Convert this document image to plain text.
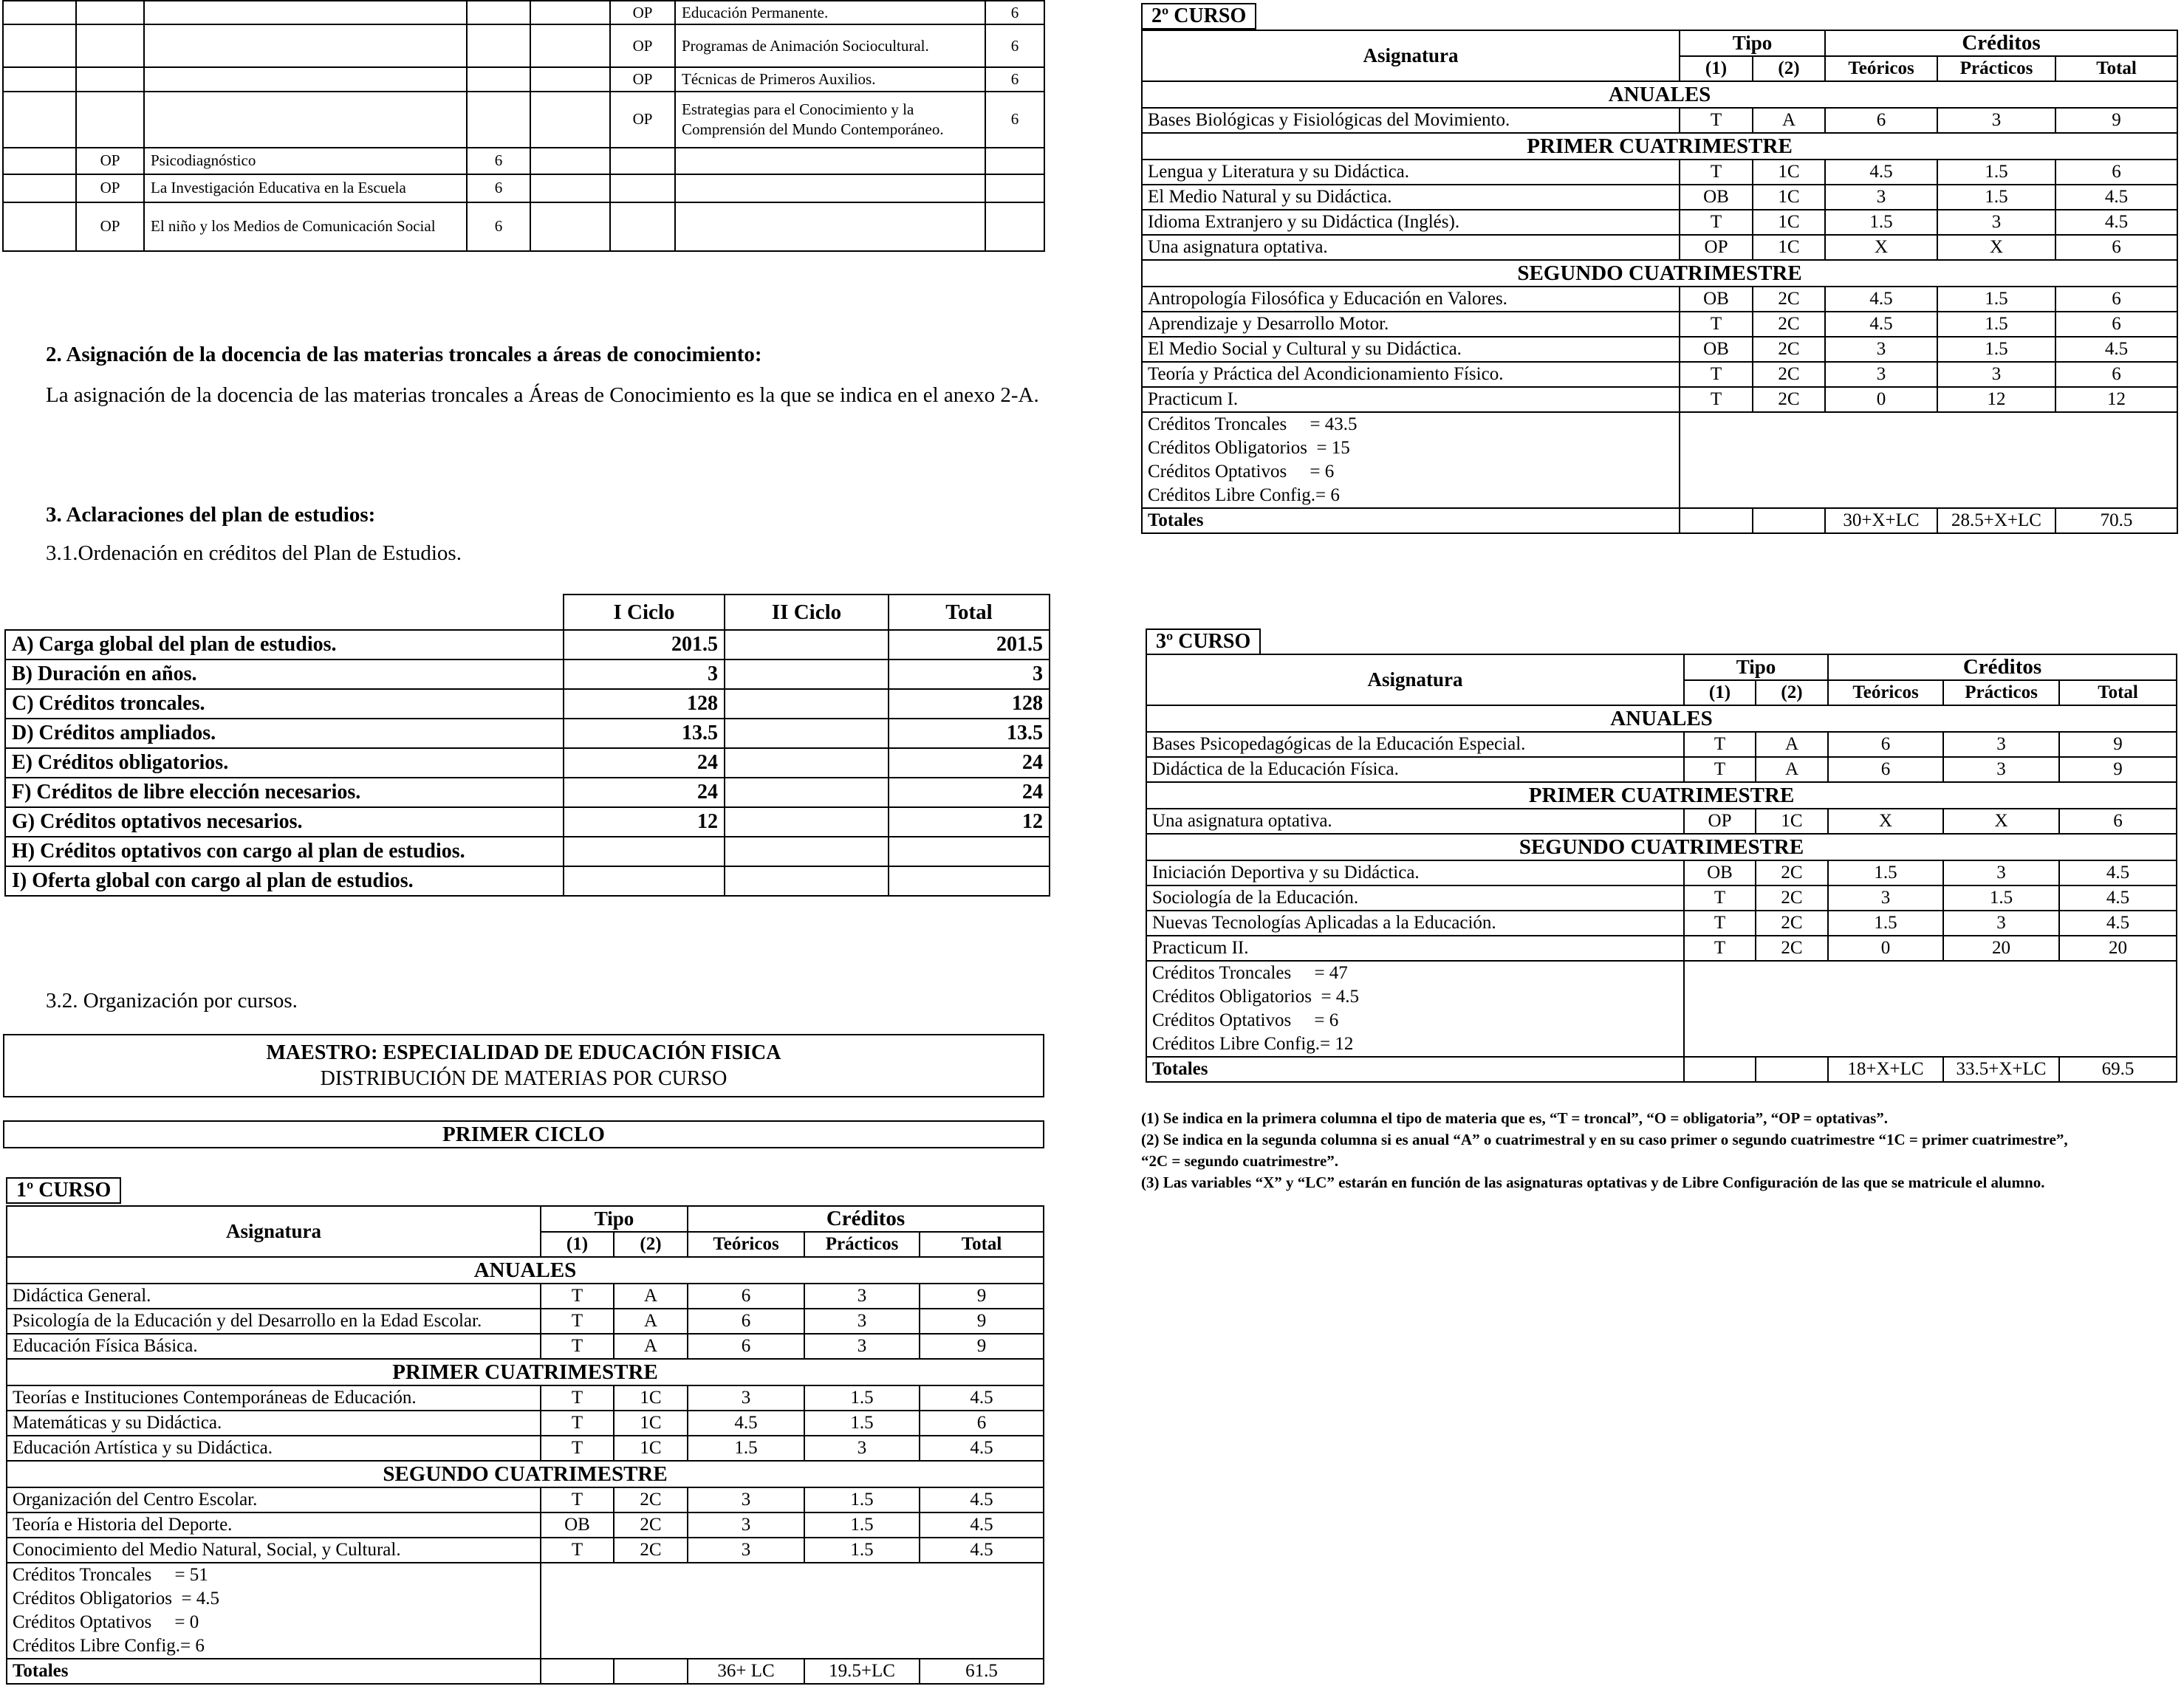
					OP	Educación Permanente.	6
					OP	Programas de Animación Sociocultural.	6
					OP	Técnicas de Primeros Auxilios.	6
					OP	Estrategias para el Conocimiento y la Comprensión del Mundo Contemporáneo.	6
	OP	Psicodiagnóstico	6				
	OP	La Investigación Educativa en la Escuela	6				
	OP	El niño y los Medios de Comunicación Social	6				
2. Asignación de la docencia de las materias troncales a áreas de conocimiento:
La asignación de la docencia de las materias troncales a Áreas de Conocimiento es la que se indica en el anexo 2-A.
3. Aclaraciones del plan de estudios:
3.1.Ordenación en créditos del Plan de Estudios.
	I Ciclo	II Ciclo	Total
A) Carga global del plan de estudios.	201.5		201.5
B) Duración en años.	3		3
C) Créditos troncales.	128		128
D) Créditos ampliados.	13.5		13.5
E) Créditos obligatorios.	24		24
F) Créditos de libre elección necesarios.	24		24
G) Créditos optativos necesarios.	12		12
H) Créditos optativos con cargo al plan de estudios.			
I) Oferta global con cargo al plan de estudios.			
3.2. Organización por cursos.
MAESTRO: ESPECIALIDAD DE EDUCACIÓN FISICA
DISTRIBUCIÓN DE MATERIAS POR CURSO
PRIMER CICLO
1º CURSO
Asignatura	Tipo		Créditos		
	(1)	(2)	Teóricos	Prácticos	Total
ANUALES					
Didáctica General.	T	A	6	3	9
Psicología de la Educación y del Desarrollo en la Edad Escolar.	T	A	6	3	9
Educación Física Básica.	T	A	6	3	9
PRIMER CUATRIMESTRE					
Teorías e Instituciones Contemporáneas de Educación.	T	1C	3	1.5	4.5
Matemáticas y su Didáctica.	T	1C	4.5	1.5	6
Educación Artística y su Didáctica.	T	1C	1.5	3	4.5
SEGUNDO CUATRIMESTRE					
Organización del Centro Escolar.	T	2C	3	1.5	4.5
Teoría e Historia del Deporte.	OB	2C	3	1.5	4.5
Conocimiento del Medio Natural, Social, y Cultural.	T	2C	3	1.5	4.5

Créditos Troncales     = 51
Créditos Obligatorios  = 4.5
Créditos Optativos     = 0
Créditos Libre Config.= 6					

Totales			36+ LC	19.5+LC	61.5
2º CURSO
Asignatura	Tipo		Créditos		
	(1)	(2)	Teóricos	Prácticos	Total
ANUALES					
Bases Biológicas y Fisiológicas del Movimiento.	T	A	6	3	9
PRIMER CUATRIMESTRE					
Lengua y Literatura y su Didáctica.	T	1C	4.5	1.5	6
El Medio Natural y su Didáctica.	OB	1C	3	1.5	4.5
Idioma Extranjero y su Didáctica (Inglés).	T	1C	1.5	3	4.5
Una asignatura optativa.	OP	1C	X	X	6
SEGUNDO CUATRIMESTRE					
Antropología Filosófica y Educación en Valores.	OB	2C	4.5	1.5	6
Aprendizaje y Desarrollo Motor.	T	2C	4.5	1.5	6
El Medio Social y Cultural y su Didáctica.	OB	2C	3	1.5	4.5
Teoría y Práctica del Acondicionamiento Físico.	T	2C	3	3	6
Practicum I.	T	2C	0	12	12

Créditos Troncales     = 43.5
Créditos Obligatorios  = 15
Créditos Optativos     = 6
Créditos Libre Config.= 6					

Totales			30+X+LC	28.5+X+LC	70.5
3º CURSO
Asignatura	Tipo		Créditos		
	(1)	(2)	Teóricos	Prácticos	Total
ANUALES					
Bases Psicopedagógicas de la Educación Especial.	T	A	6	3	9
Didáctica de la Educación Física.	T	A	6	3	9
PRIMER CUATRIMESTRE					
Una asignatura optativa.	OP	1C	X	X	6
SEGUNDO CUATRIMESTRE					
Iniciación Deportiva y su Didáctica.	OB	2C	1.5	3	4.5
Sociología de la Educación.	T	2C	3	1.5	4.5
Nuevas Tecnologías Aplicadas a la Educación.	T	2C	1.5	3	4.5
Practicum II.	T	2C	0	20	20

Créditos Troncales     = 47
Créditos Obligatorios  = 4.5
Créditos Optativos     = 6
Créditos Libre Config.= 12					

Totales			18+X+LC	33.5+X+LC	69.5

(1) Se indica en la primera columna el tipo de materia que es, “T = troncal”, “O = obligatoria”, “OP = optativas”.

(2) Se indica en la segunda columna si es anual “A” o cuatrimestral y en su caso primer o segundo cuatrimestre “1C = primer cuatrimestre”,

“2C = segundo cuatrimestre”.

(3) Las variables “X” y “LC” estarán en función de las asignaturas optativas y de Libre Configuración de las que se matricule el alumno.
